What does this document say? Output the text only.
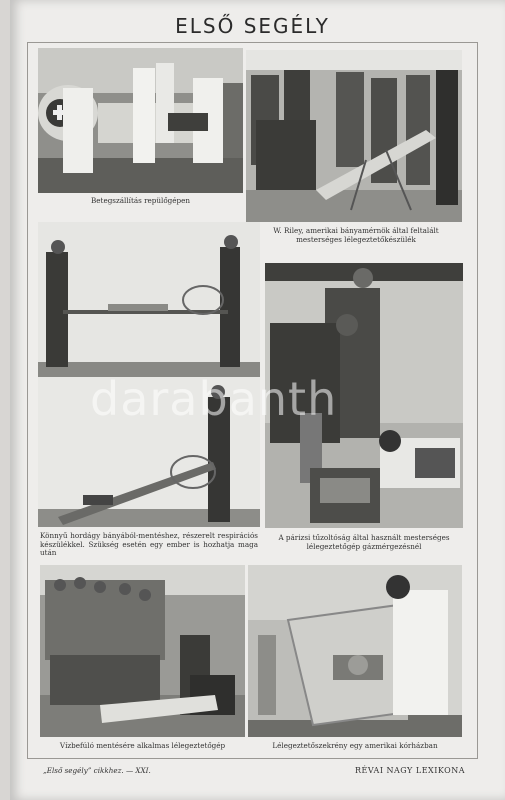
ELSŐ SEGÉLY
Betegszállítás repülőgépen
W. Riley, amerikai bányamérnök által feltalált mesterséges lélegeztetőkészülék
A párizsi tűzoltóság által használt mesterséges lélegeztetőgép gázmérgezésnél
Könnyű hordágy bányából-mentéshez, részerelt respirációs készülékkel. Szükség esetén egy ember is hozhatja maga után
Vízbefúló mentésére alkalmas lélegeztetőgép	Lélegeztetőszekrény egy amerikai kórházban
darabanth
„Első segély” cikkhez. — XXI.	RÉVAI NAGY LEXIKONA
